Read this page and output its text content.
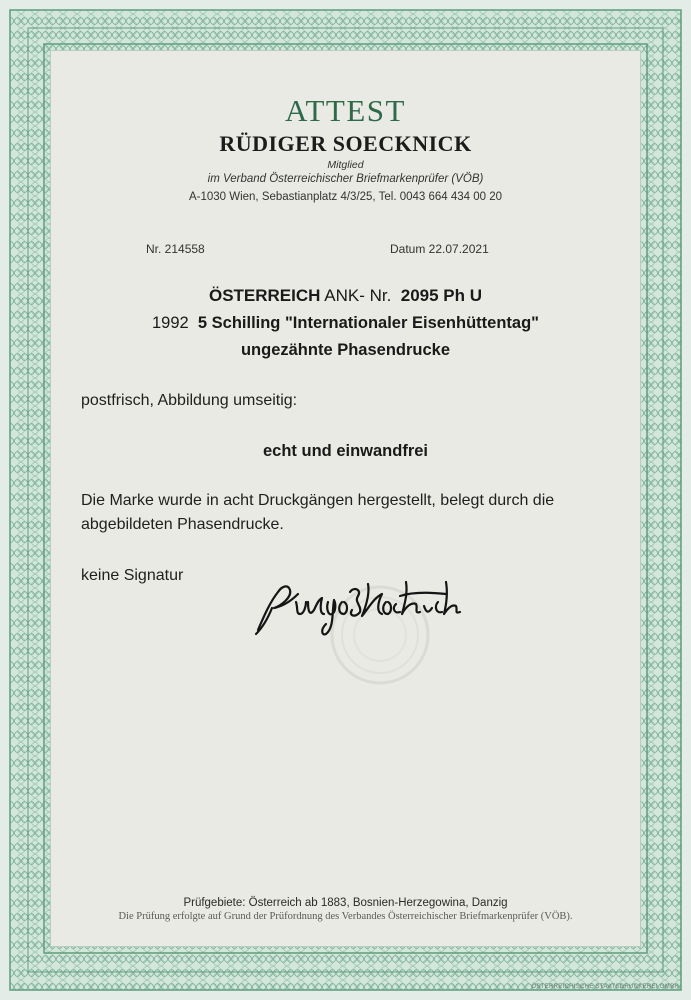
ATTEST
RÜDIGER SOECKNICK
Mitglied
im Verband Österreichischer Briefmarkenprüfer (VÖB)
A-1030 Wien, Sebastianplatz 4/3/25, Tel. 0043 664 434 00 20
Nr. 214558	Datum 22.07.2021
ÖSTERREICH ANK- Nr. 2095 Ph U
1992 5 Schilling "Internationaler Eisenhüttentag"
ungezähnte Phasendrucke
postfrisch, Abbildung umseitig:
echt und einwandfrei
Die Marke wurde in acht Druckgängen hergestellt, belegt durch die
abgebildeten Phasendrucke.
keine Signatur
Prüfgebiete: Österreich ab 1883, Bosnien-Herzegowina, Danzig
Die Prüfung erfolgte auf Grund der Prüfordnung des Verbandes Österreichischer Briefmarkenprüfer (VÖB).
ÖSTERREICHISCHE STAATSDRUCKEREI GMBH
